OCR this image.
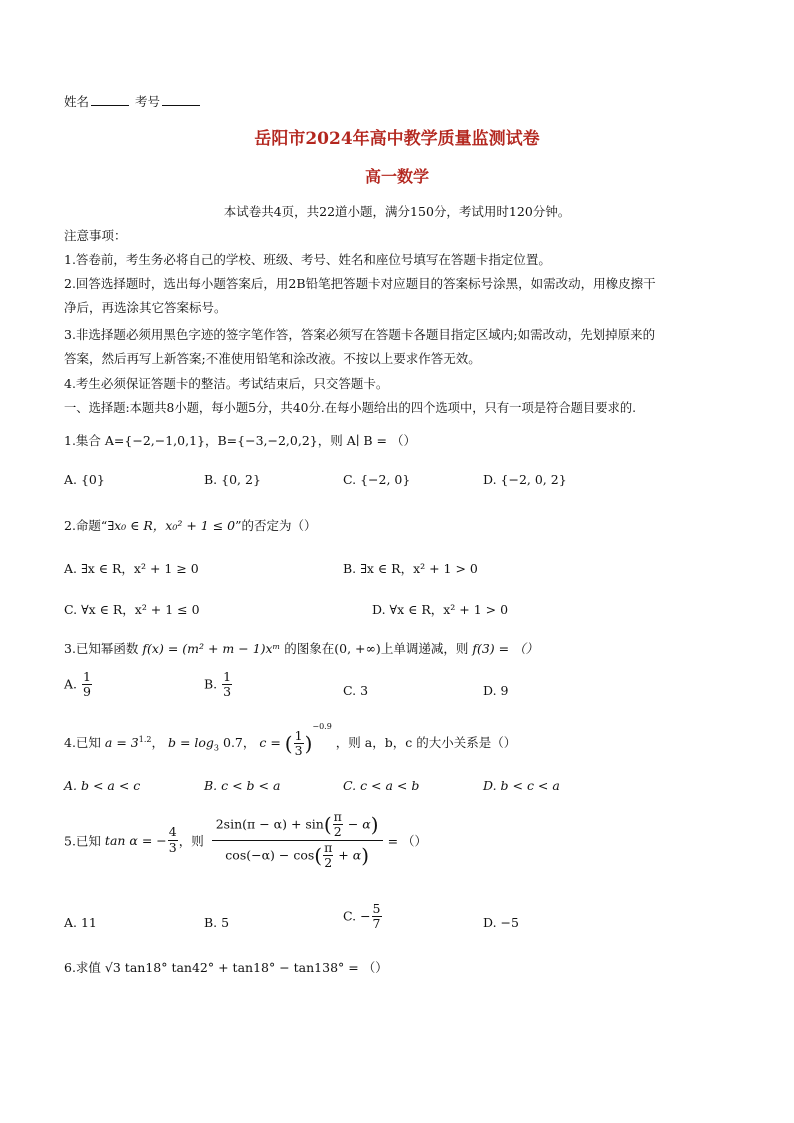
姓名	考号
岳阳市2024年高中教学质量监测试卷
高一数学
本试卷共4页，共22道小题，满分150分，考试用时120分钟。
注意事项：
1.答卷前，考生务必将自己的学校、班级、考号、姓名和座位号填写在答题卡指定位置。
2.回答选择题时，选出每小题答案后，用2B铅笔把答题卡对应题目的答案标号涂黑，如需改动，用橡皮擦干
净后，再选涂其它答案标号。
3.非选择题必须用黑色字迹的签字笔作答，答案必须写在答题卡各题目指定区域内;如需改动，先划掉原来的
答案，然后再写上新答案;不准使用铅笔和涂改液。不按以上要求作答无效。
4.考生必须保证答题卡的整洁。考试结束后，只交答题卡。
一、选择题:本题共8小题，每小题5分，共40分.在每小题给出的四个选项中，只有一项是符合题目要求的.
1.集合 A={−2,−1,0,1}，B={−3,−2,0,2}，则 A∣ B = （）
A. {0}	B. {0, 2}	C. {−2, 0}	D. {−2, 0, 2}
2.命题“∃x₀ ∈ R，x₀² + 1 ≤ 0”的否定为（）
A. ∃x ∈ R，x² + 1 ≥ 0	B. ∃x ∈ R，x² + 1 > 0
C. ∀x ∈ R，x² + 1 ≤ 0	D. ∀x ∈ R，x² + 1 > 0
3.已知幂函数 f(x) = (m² + m − 1)xᵐ 的图象在(0, +∞)上单调递减，则 f(3) = （）
A. $\frac{1}{9}$	B. $\frac{1}{3}$	C. 3	D. 9
4.已知 $a = 3^{1.2}$， $b = \log_3 0.7$， c = ( $\frac{1}{3} )^{-0.9}$ ，则 a，b，c 的大小关系是（）
A. b < a < c	B. c < b < a	C. c < a < b	D. b < c < a
5.已知 tan α = − $\frac{4}{3}$ ，则 $\frac{2\sin(\pi - \alpha) + \sin( \frac{\pi}{2} - \alpha)}{\cos(-\alpha) - \cos( \frac{\pi}{2} + \alpha)}$ = （）
A. 11	B. 5	C. − $\frac{5}{7}$	D. −5
6.求值 √3 tan18° tan42° + tan18° − tan138° = （）
